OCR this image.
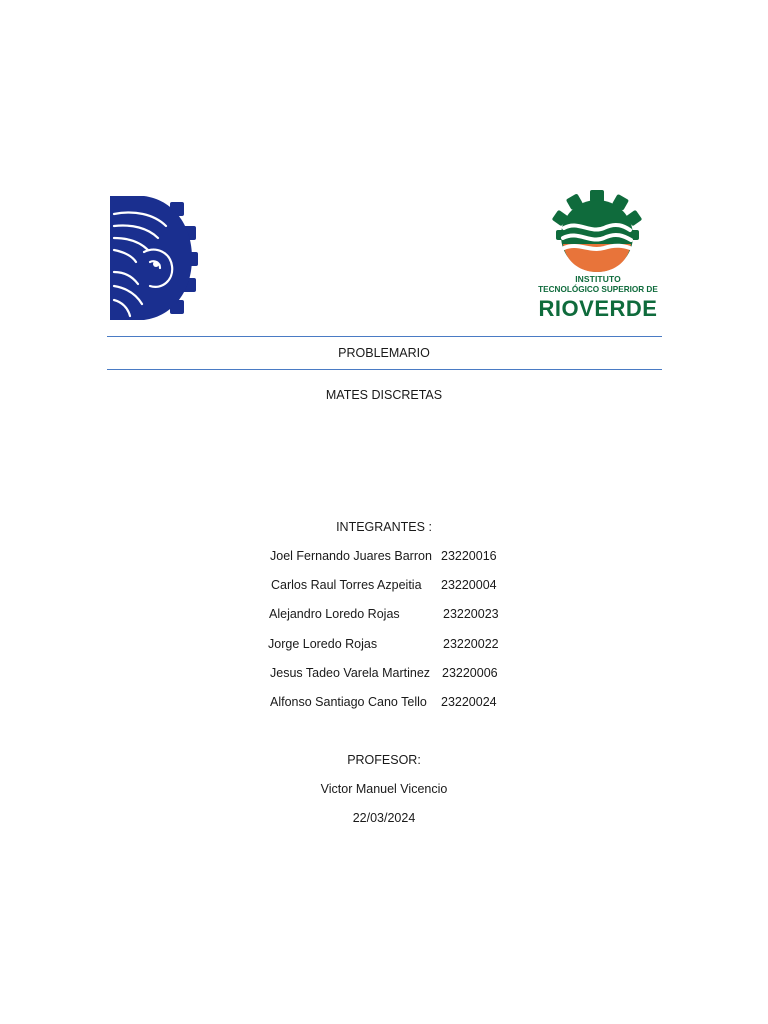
INSTITUTO
TECNOLÓGICO SUPERIOR DE
RIOVERDE
PROBLEMARIO
MATES DISCRETAS
INTEGRANTES :
Joel Fernando Juares Barron 23220016
Carlos Raul Torres Azpeitia 23220004
Alejandro Loredo Rojas	23220023
Jorge Loredo Rojas	23220022
Jesus Tadeo Varela Martinez 23220006
Alfonso Santiago Cano Tello 23220024
PROFESOR:
Victor Manuel Vicencio
22/03/2024
